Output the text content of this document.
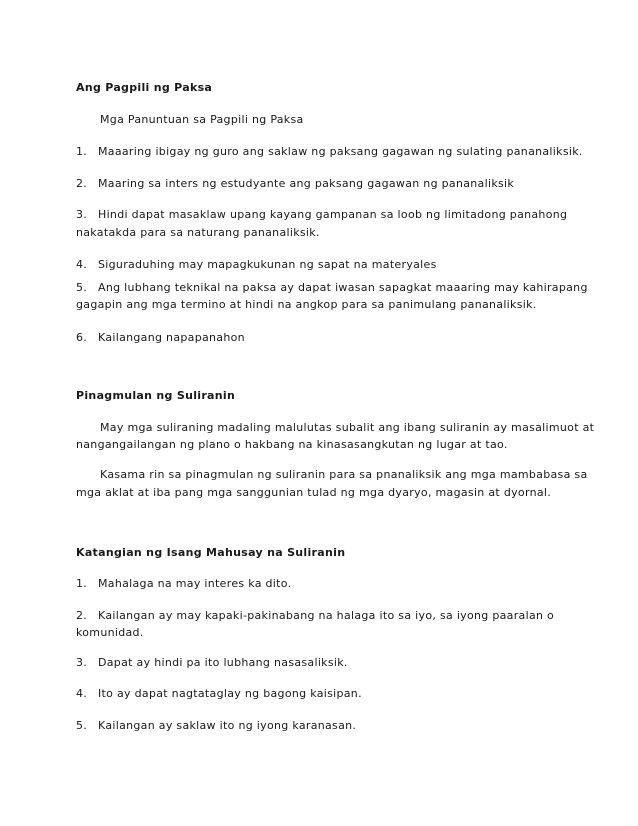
Ang Pagpili ng Paksa
Mga Panuntuan sa Pagpili ng Paksa
1. Maaaring ibigay ng guro ang saklaw ng paksang gagawan ng sulating pananaliksik.
2. Maaring sa inters ng estudyante ang paksang gagawan ng pananaliksik
3. Hindi dapat masaklaw upang kayang gampanan sa loob ng limitadong panahong
nakatakda para sa naturang pananaliksik.
4. Siguraduhing may mapagkukunan ng sapat na materyales
5. Ang lubhang teknikal na paksa ay dapat iwasan sapagkat maaaring may kahirapang
gagapin ang mga termino at hindi na angkop para sa panimulang pananaliksik.
6. Kailangang napapanahon
Pinagmulan ng Suliranin
May mga suliraning madaling malulutas subalit ang ibang suliranin ay masalimuot at
nangangailangan ng plano o hakbang na kinasasangkutan ng lugar at tao.
Kasama rin sa pinagmulan ng suliranin para sa pnanaliksik ang mga mambabasa sa
mga aklat at iba pang mga sanggunian tulad ng mga dyaryo, magasin at dyornal.
Katangian ng Isang Mahusay na Suliranin
1. Mahalaga na may interes ka dito.
2. Kailangan ay may kapaki-pakinabang na halaga ito sa iyo, sa iyong paaralan o
komunidad.
3. Dapat ay hindi pa ito lubhang nasasaliksik.
4. Ito ay dapat nagtataglay ng bagong kaisipan.
5. Kailangan ay saklaw ito ng iyong karanasan.
